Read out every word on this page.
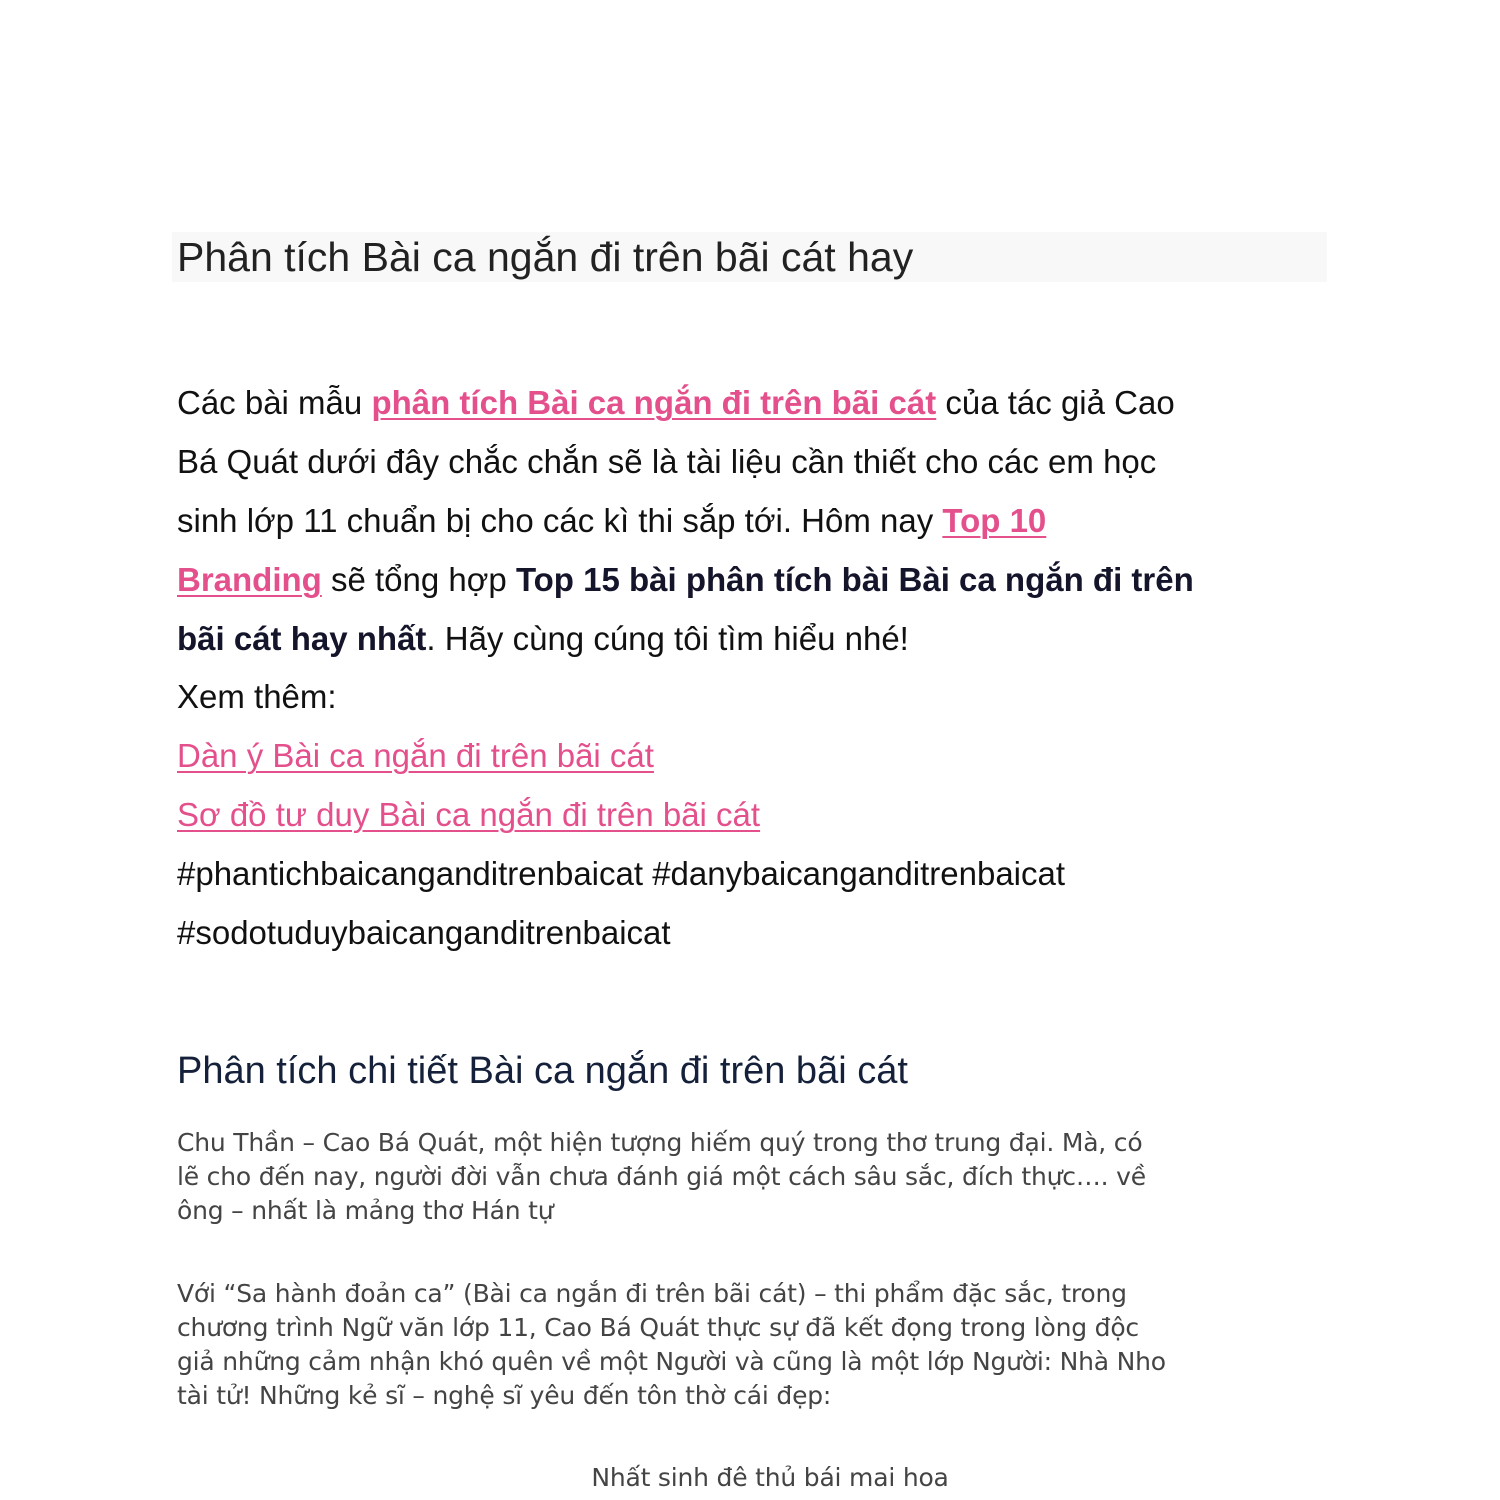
Phân tích Bài ca ngắn đi trên bãi cát hay
Các bài mẫu phân tích Bài ca ngắn đi trên bãi cát của tác giả Cao
Bá Quát dưới đây chắc chắn sẽ là tài liệu cần thiết cho các em học
sinh lớp 11 chuẩn bị cho các kì thi sắp tới. Hôm nay Top 10
Branding sẽ tổng hợp Top 15 bài phân tích bài Bài ca ngắn đi trên
bãi cát hay nhất. Hãy cùng cúng tôi tìm hiểu nhé!
Xem thêm:
Dàn ý Bài ca ngắn đi trên bãi cát
Sơ đồ tư duy Bài ca ngắn đi trên bãi cát
#phantichbaicanganditrenbaicat #danybaicanganditrenbaicat
#sodotuduybaicanganditrenbaicat
Phân tích chi tiết Bài ca ngắn đi trên bãi cát
Chu Thần – Cao Bá Quát, một hiện tượng hiếm quý trong thơ trung đại. Mà, có
lẽ cho đến nay, người đời vẫn chưa đánh giá một cách sâu sắc, đích thực…. về
ông – nhất là mảng thơ Hán tự
Với “Sa hành đoản ca” (Bài ca ngắn đi trên bãi cát) – thi phẩm đặc sắc, trong
chương trình Ngữ văn lớp 11, Cao Bá Quát thực sự đã kết đọng trong lòng độc
giả những cảm nhận khó quên về một Người và cũng là một lớp Người: Nhà Nho
tài tử! Những kẻ sĩ – nghệ sĩ yêu đến tôn thờ cái đẹp:
Nhất sinh đê thủ bái mai hoa
